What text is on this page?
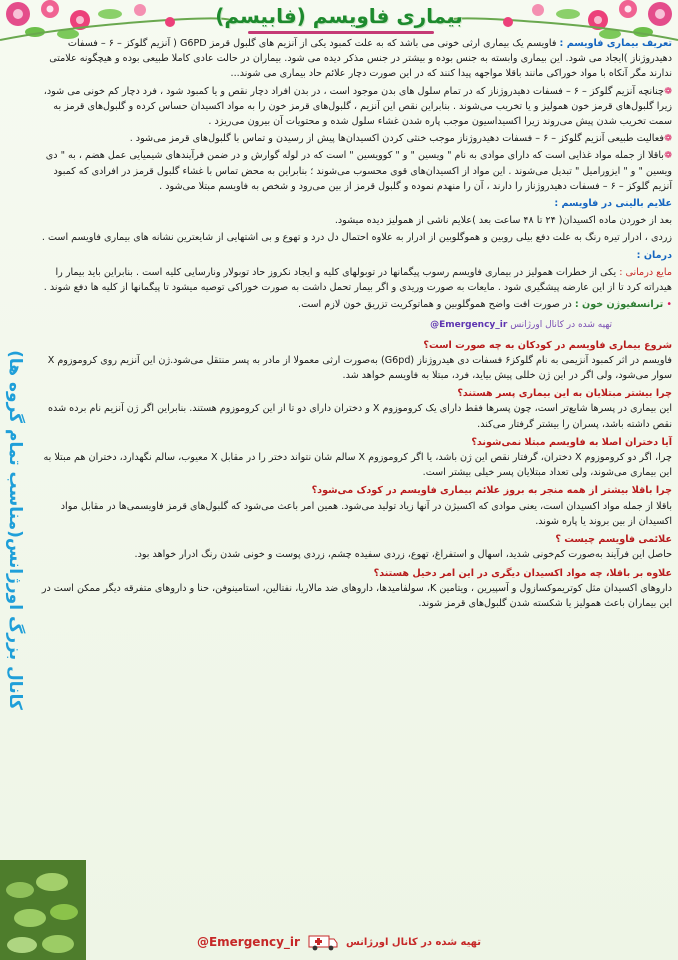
بیماری فاویسم (فابیسم)
کانال بزرگ اورژانس(مناسب تمام گروه ها)

تعریف بیماری فاویسم : فاویسم یک بیماری ارثی خونی می باشد که به علت کمبود یکی از آنزیم های گلبول قرمز G6PD ( آنزیم گلوکز – ۶ – فسفات دهیدروژناز )ایجاد می شود. این بیماری وابسته به جنس بوده و بیشتر در جنس مذکر دیده می شود. بیماران در حالت عادی کاملا طبیعی بوده و هیچگونه علامتی ندارند مگر آنکاه با مواد خوراکی مانند باقلا مواجهه پیدا کنند که در این صورت دچار علائم حاد بیماری می شوند...

❁چنانچه آنزیم گلوکز – ۶ – فسفات دهیدروژناز که در تمام سلول های بدن موجود است ، در بدن افراد دچار نقص و یا کمبود شود ، فرد دچار کم خونی می شود، زیرا گلبول‌های قرمز خون همولیز و یا تخریب می‌شوند . بنابراین نقص این آنزیم ، گلبول‌های قرمز خون را به مواد اکسیدان حساس کرده و گلبول‌های قرمز به سمت تخریب شدن پیش می‌روند زیرا اکسیداسیون موجب پاره شدن غشاء سلول شده و محتویات آن بیرون می‌ریزد .

❁فعالیت طبیعی آنزیم گلوکز – ۶ – فسفات دهیدروژناز موجب خنثی کردن اکسیدان‌ها پیش از رسیدن و تماس با گلبول‌های قرمز می‌شود .

❁باقلا از جمله مواد غذایی است که دارای موادی به نام " ویسین " و " کوویسین " است که در لوله گوارش و در ضمن فرآیندهای شیمیایی عمل هضم ، به " دی ویسین " و " ایزوراميل " تبدیل می‌شوند . این مواد از اکسیدان‌های قوی محسوب می‌شوند ؛ بنابراین به محض تماس با غشاء گلبول قرمز در افرادی که کمبود آنزیم گلوکز – ۶ – فسفات دهیدروژناز را دارند ، آن را منهدم نموده و گلبول قرمز از بین می‌رود و شخص به فاویسم مبتلا می‌شود .

علایم بالینی در فاویسم :

بعد از خوردن ماده اکسیدان( ۲۴ تا ۴۸ ساعت بعد )علایم ناشی از همولیز دیده میشود.

زردی ، ادرار تیره رنگ به علت دفع بیلی روبین و هموگلوبین از ادرار به علاوه احتمال دل درد و تهوع و بی اشتهایی از شایعترین نشانه های بیماری فاویسم است .

درمان :

مایع درمانی : یکی از خطرات همولیز در بیماری فاویسم رسوب پیگمانها در توبولهای کلیه و ایجاد نکروز حاد توبولار ونارسایی کلیه است . بنابراین باید بیمار را هیدراته کرد تا از این عارضه پیشگیری شود . مایعات به صورت وریدی و اگر بیمار تحمل داشت به صورت خوراکی توصیه میشود تا پیگمانها از کلیه ها دفع شوند .

• ترانسفیوژن خون : در صورت افت واضح هموگلوبین و هماتوکریت تزریق خون لازم است.

@Emergency_ir تهیه شده در کانال اورژانس
شروع بیماری فاویسم در کودکان به چه صورت است؟

فاویسم در اثر کمبود آنزیمی به نام گلوکز۶ فسفات دی هیدروژناز (G6pd) به‌صورت ارثی معمولا از مادر به پسر منتقل می‌شود.ژن این آنزیم روی کروموزوم X سوار می‌شود، ولی اگر در این ژن خللی پیش بیاید، فرد، مبتلا به فاویسم خواهد شد.

چرا بیشتر مبتلایان به این بیماری پسر هستند؟

این بیماری در پسرها شایع‌تر است، چون پسرها فقط دارای یک کروموزوم X و دختران دارای دو تا از این کروموزوم هستند. بنابراین اگر ژن آنزیم نام برده شده نقص داشته باشد، پسران را بیشتر گرفتار می‌کند.

آیا دختران اصلا به فاویسم مبتلا نمی‌شوند؟

چرا، اگر دو کروموزوم X دختران، گرفتار نقص این ژن باشد، یا اگر کروموزوم X سالم شان نتواند دختر را در مقابل X معیوب، سالم نگهدارد، دختران هم مبتلا به این بیماری می‌شوند، ولی تعداد مبتلایان پسر خیلی بیشتر است.

چرا باقلا بیشتر از همه منجر به بروز علائم بیماری فاویسم در کودک می‌شود؟

باقلا از جمله مواد اکسیدان است، یعنی موادی که اکسیژن در آنها زیاد تولید می‌شود. همین امر باعث می‌شود که گلبول‌های قرمز فاویسمی‌ها در مقابل مواد اکسیدان از بین بروند یا پاره شوند.

علائمی فاویسم چیست ؟

حاصل این فرآیند به‌صورت کم‌خونی شدید، اسهال و استفراغ، تهوع، زردی سفیده چشم، زردی پوست و خونی شدن رنگ ادرار خواهد بود.

علاوه بر باقلا، چه مواد اکسیدان دیگری در این امر دخیل هستند؟

داروهای اکسیدان مثل کوتریموکسازول و آسپیرین ، ویتامین K، سولفامیدها، داروهای ضد مالاریا، نفتالین، استامینوفن، حنا و داروهای متفرقه دیگر ممکن است در این بیماران باعث همولیز یا شکسته شدن گلبول‌های قرمز شوند.

@Emergency_ir	تهیه شده در کانال اورژانس
